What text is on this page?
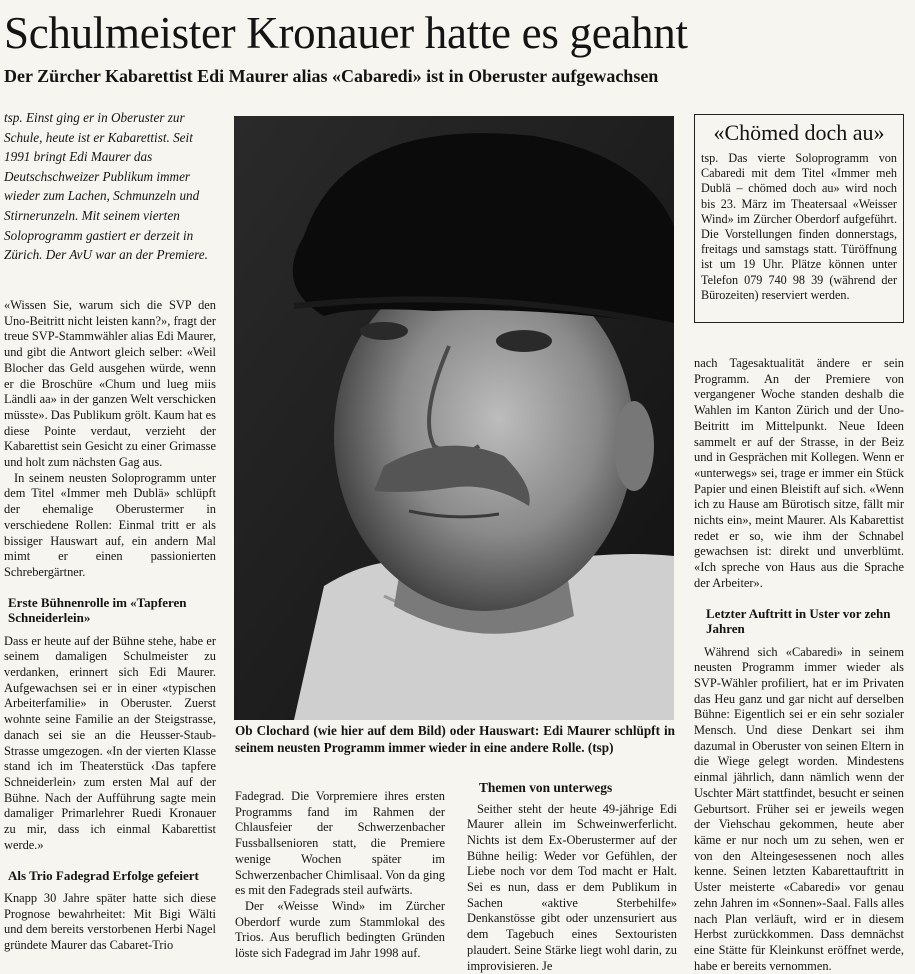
Schulmeister Kronauer hatte es geahnt
Der Zürcher Kabarettist Edi Maurer alias «Cabaredi» ist in Oberuster aufgewachsen

tsp. Einst ging er in Oberuster zur Schule, heute ist er Kabarettist. Seit 1991 bringt Edi Maurer das Deutschschweizer Publikum immer wieder zum Lachen, Schmunzeln und Stirnerunzeln. Mit seinem vierten Soloprogramm gastiert er derzeit in Zürich. Der AvU war an der Premiere.

«Wissen Sie, warum sich die SVP den Uno-Beitritt nicht leisten kann?», fragt der treue SVP-Stammwähler alias Edi Maurer, und gibt die Antwort gleich selber: «Weil Blocher das Geld ausgehen würde, wenn er die Broschüre «Chum und lueg miis Ländli aa» in der ganzen Welt verschicken müsste». Das Publikum grölt. Kaum hat es diese Pointe verdaut, verzieht der Kabarettist sein Gesicht zu einer Grimasse und holt zum nächsten Gag aus.

In seinem neusten Soloprogramm unter dem Titel «Immer meh Dublä» schlüpft der ehemalige Oberustermer in verschiedene Rollen: Einmal tritt er als bissiger Hauswart auf, ein andern Mal mimt er einen passionierten Schrebergärtner.

Erste Bühnenrolle im «Tapferen Schneiderlein»

Dass er heute auf der Bühne stehe, habe er seinem damaligen Schulmeister zu verdanken, erinnert sich Edi Maurer. Aufgewachsen sei er in einer «typischen Arbeiterfamilie» in Oberuster. Zuerst wohnte seine Familie an der Steigstrasse, danach sei sie an die Heusser-Staub-Strasse umgezogen. «In der vierten Klasse stand ich im Theaterstück ‹Das tapfere Schneiderlein› zum ersten Mal auf der Bühne. Nach der Aufführung sagte mein damaliger Primarlehrer Ruedi Kronauer zu mir, dass ich einmal Kabarettist werde.»

Als Trio Fadegrad Erfolge gefeiert

Knapp 30 Jahre später hatte sich diese Prognose bewahrheitet: Mit Bigi Wälti und dem bereits verstorbenen Herbi Nagel gründete Maurer das Cabaret-Trio

Ob Clochard (wie hier auf dem Bild) oder Hauswart: Edi Maurer schlüpft in seinem neusten Programm immer wieder in eine andere Rolle. (tsp)

Fadegrad. Die Vorpremiere ihres ersten Programms fand im Rahmen der Chlausfeier der Schwerzenbacher Fussballsenioren statt, die Premiere wenige Wochen später im Schwerzenbacher Chimlisaal. Von da ging es mit den Fadegrads steil aufwärts.

Der «Weisse Wind» im Zürcher Oberdorf wurde zum Stammlokal des Trios. Aus beruflich bedingten Gründen löste sich Fadegrad im Jahr 1998 auf.

Themen von unterwegs

Seither steht der heute 49-jährige Edi Maurer allein im Schweinwerferlicht. Nichts ist dem Ex-Oberustermer auf der Bühne heilig: Weder vor Gefühlen, der Liebe noch vor dem Tod macht er Halt. Sei es nun, dass er dem Publikum in Sachen «aktive Sterbehilfe» Denkanstösse gibt oder unzensuriert aus dem Tagebuch eines Sextouristen plaudert. Seine Stärke liegt wohl darin, zu improvisieren. Je

«Chömed doch au»

tsp. Das vierte Soloprogramm von Cabaredi mit dem Titel «Immer meh Dublä – chömed doch au» wird noch bis 23. März im Theatersaal «Weisser Wind» im Zürcher Oberdorf aufgeführt. Die Vorstellungen finden donnerstags, freitags und samstags statt. Türöffnung ist um 19 Uhr. Plätze können unter Telefon 079 740 98 39 (während der Bürozeiten) reserviert werden.

nach Tagesaktualität ändere er sein Programm. An der Premiere von vergangener Woche standen deshalb die Wahlen im Kanton Zürich und der Uno-Beitritt im Mittelpunkt. Neue Ideen sammelt er auf der Strasse, in der Beiz und in Gesprächen mit Kollegen. Wenn er «unterwegs» sei, trage er immer ein Stück Papier und einen Bleistift auf sich. «Wenn ich zu Hause am Bürotisch sitze, fällt mir nichts ein», meint Maurer. Als Kabarettist redet er so, wie ihm der Schnabel gewachsen ist: direkt und unverblümt. «Ich spreche von Haus aus die Sprache der Arbeiter».

Letzter Auftritt in Uster vor zehn Jahren

Während sich «Cabaredi» in seinem neusten Programm immer wieder als SVP-Wähler profiliert, hat er im Privaten das Heu ganz und gar nicht auf derselben Bühne: Eigentlich sei er ein sehr sozialer Mensch. Und diese Denkart sei ihm dazumal in Oberuster von seinen Eltern in die Wiege gelegt worden. Mindestens einmal jährlich, dann nämlich wenn der Uschter Märt stattfindet, besucht er seinen Geburtsort. Früher sei er jeweils wegen der Viehschau gekommen, heute aber käme er nur noch um zu sehen, wen er von den Alteingesessenen noch alles kenne. Seinen letzten Kabarettauftritt in Uster meisterte «Cabaredi» vor genau zehn Jahren im «Sonnen»-Saal. Falls alles nach Plan verläuft, wird er in diesem Herbst zurückkommen. Dass demnächst eine Stätte für Kleinkunst eröffnet werde, habe er bereits vernommen.
